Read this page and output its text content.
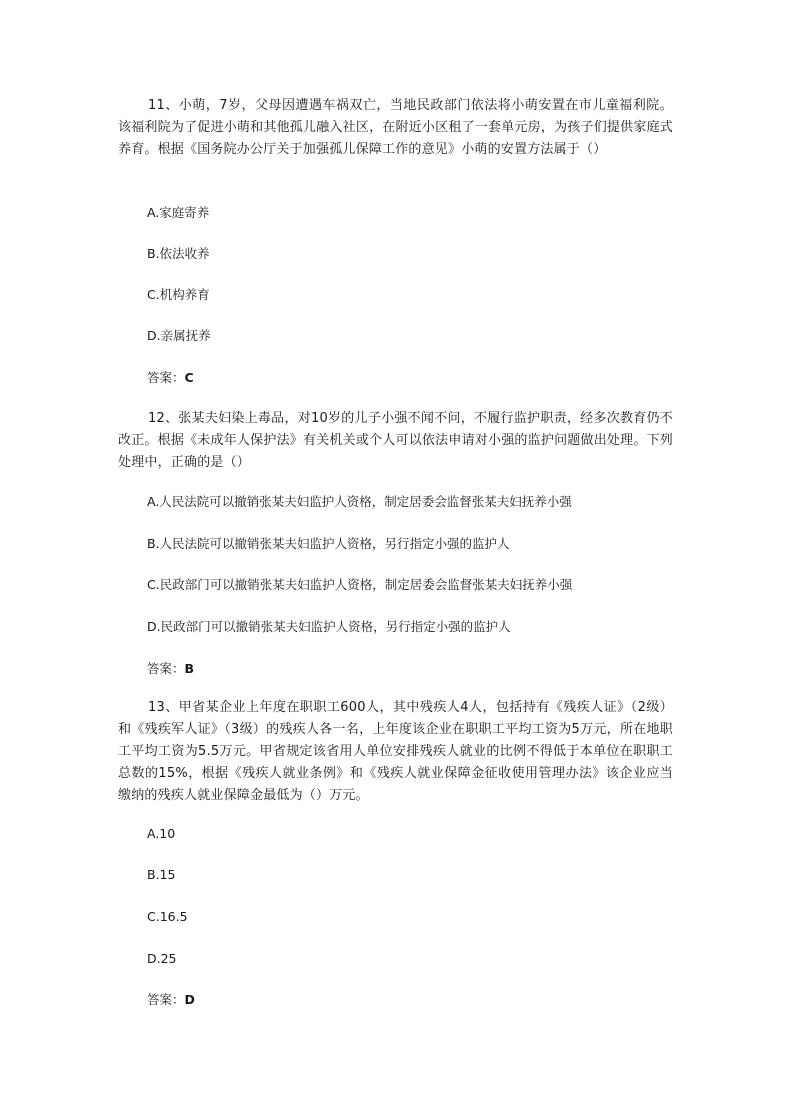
11、小萌，7岁，父母因遭遇车祸双亡，当地民政部门依法将小萌安置在市儿童福利院。该福利院为了促进小萌和其他孤儿融入社区，在附近小区租了一套单元房，为孩子们提供家庭式养育。根据《国务院办公厅关于加强孤儿保障工作的意见》小萌的安置方法属于（）

A.家庭寄养

B.依法收养

C.机构养育

D.亲属抚养

答案：C

12、张某夫妇染上毒品，对10岁的儿子小强不闻不问，不履行监护职责，经多次教育仍不改正。根据《未成年人保护法》有关机关或个人可以依法申请对小强的监护问题做出处理。下列处理中，正确的是（）

A.人民法院可以撤销张某夫妇监护人资格，制定居委会监督张某夫妇抚养小强

B.人民法院可以撤销张某夫妇监护人资格，另行指定小强的监护人

C.民政部门可以撤销张某夫妇监护人资格，制定居委会监督张某夫妇抚养小强

D.民政部门可以撤销张某夫妇监护人资格，另行指定小强的监护人

答案：B

13、甲省某企业上年度在职职工600人，其中残疾人4人，包括持有《残疾人证》（2级）和《残疾军人证》（3级）的残疾人各一名，上年度该企业在职职工平均工资为5万元，所在地职工平均工资为5.5万元。甲省规定该省用人单位安排残疾人就业的比例不得低于本单位在职职工总数的15%，根据《残疾人就业条例》和《残疾人就业保障金征收使用管理办法》该企业应当缴纳的残疾人就业保障金最低为（）万元。

A.10

B.15

C.16.5

D.25

答案：D
